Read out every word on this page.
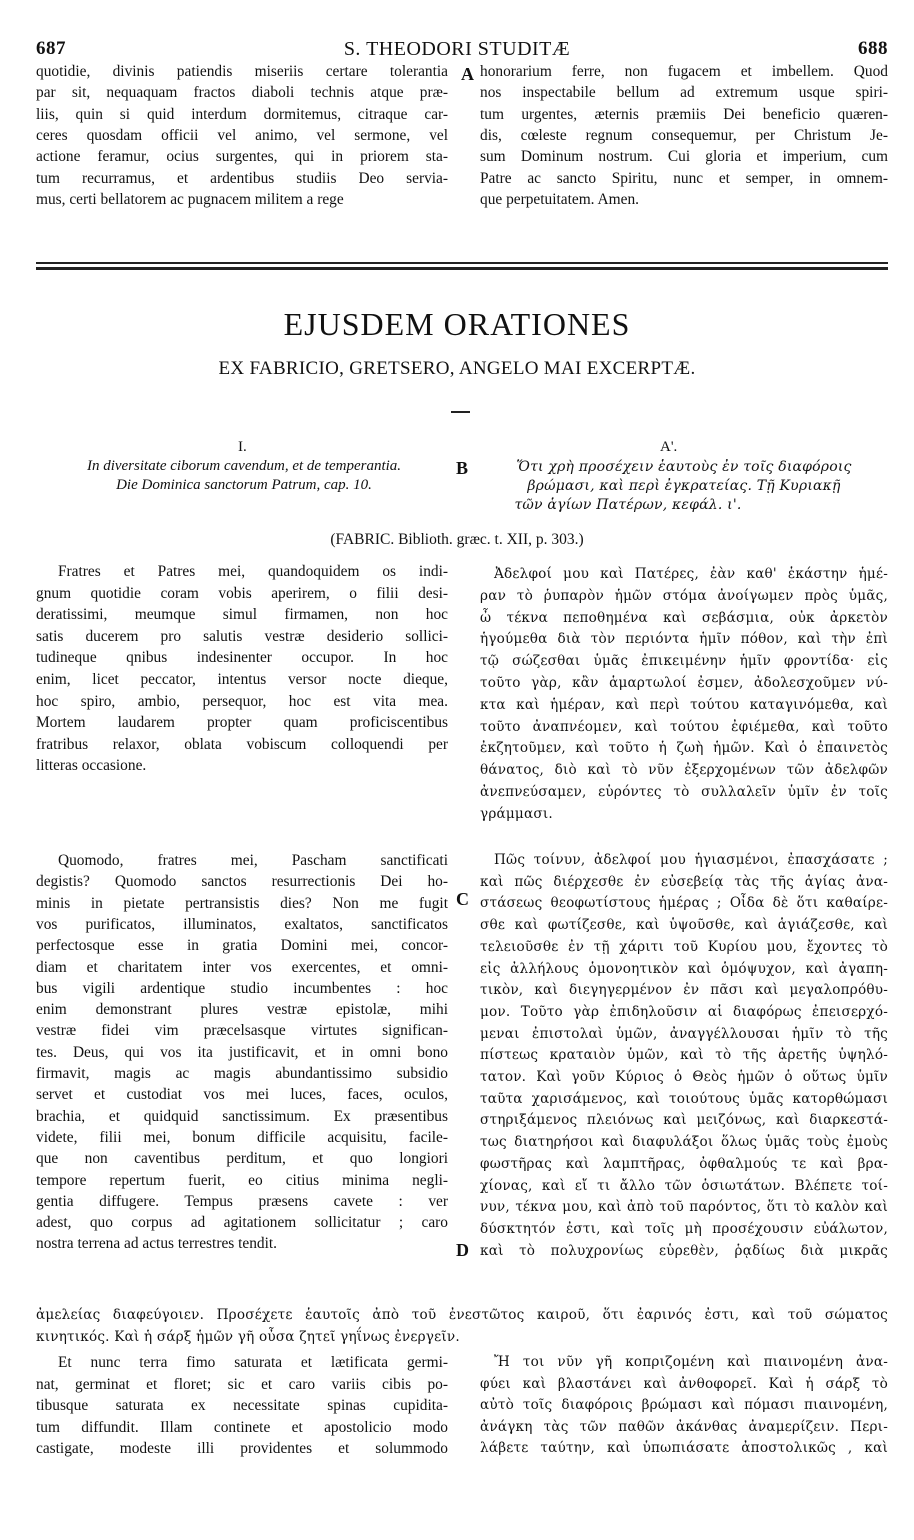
687	S. THEODORI STUDITÆ	688
quotidie, divinis patiendis miseriis certare tolerantia
par sit, nequaquam fractos diaboli technis atque præ-
liis, quin si quid interdum dormitemus, citraque car-
ceres quosdam officii vel animo, vel sermone, vel
actione feramur, ocius surgentes, qui in priorem sta-
tum recurramus, et ardentibus studiis Deo servia-
mus, certi bellatorem ac pugnacem militem a rege
honorarium ferre, non fugacem et imbellem. Quod
nos inspectabile bellum ad extremum usque spiri-
tum urgentes, æternis præmiis Dei beneficio quæren-
dis, cœleste regnum consequemur, per Christum Je-
sum Dominum nostrum. Cui gloria et imperium, cum
Patre ac sancto Spiritu, nunc et semper, in omnem-
que perpetuitatem. Amen.
A
EJUSDEM ORATIONES
EX FABRICIO, GRETSERO, ANGELO MAI EXCERPTÆ.
I.
In diversitate ciborum cavendum, et de temperantia.
Die Dominica sanctorum Patrum, cap. 10.
B
Α'.
Ὅτι χρὴ προσέχειν ἑαυτοὺς ἐν τοῖς διαφόροις
βρώμασι, καὶ περὶ ἐγκρατείας. Τῇ Κυριακῇ
τῶν ἁγίων Πατέρων, κεφάλ. ι'.
(FABRIC. Biblioth. græc. t. XII, p. 303.)
Fratres et Patres mei, quandoquidem os indi-
gnum quotidie coram vobis aperirem, o filii desi-
deratissimi, meumque simul firmamen, non hoc
satis ducerem pro salutis vestræ desiderio sollici-
tudineque qnibus indesinenter occupor. In hoc
enim, licet peccator, intentus versor nocte dieque,
hoc spiro, ambio, persequor, hoc est vita mea.
Mortem laudarem propter quam proficiscentibus
fratribus relaxor, oblata vobiscum colloquendi per
litteras occasione.
Ἀδελφοί μου καὶ Πατέρες, ἐὰν καθ' ἑκάστην ἡμέ-
ραν τὸ ῥυπαρὸν ἡμῶν στόμα ἀνοίγωμεν πρὸς ὑμᾶς,
ὦ τέκνα πεποθημένα καὶ σεβάσμια, οὐκ ἀρκετὸν
ἡγούμεθα διὰ τὸν περιόντα ἡμῖν πόθον, καὶ τὴν ἐπὶ
τῷ σώζεσθαι ὑμᾶς ἐπικειμένην ἡμῖν φροντίδα· εἰς
τοῦτο γὰρ, κἂν ἁμαρτωλοί ἐσμεν, ἀδολεσχοῦμεν νύ-
κτα καὶ ἡμέραν, καὶ περὶ τούτου καταγινόμεθα, καὶ
τοῦτο ἀναπνέομεν, καὶ τούτου ἐφιέμεθα, καὶ τοῦτο
ἐκζητοῦμεν, καὶ τοῦτο ἡ ζωὴ ἡμῶν. Καὶ ὁ ἐπαινετὸς
θάνατος, διὸ καὶ τὸ νῦν ἐξερχομένων τῶν ἀδελφῶν
ἀνεπνεύσαμεν, εὑρόντες τὸ συλλαλεῖν ὑμῖν ἐν τοῖς
γράμμασι.
Quomodo, fratres mei, Pascham sanctificati
degistis? Quomodo sanctos resurrectionis Dei ho-
minis in pietate pertransistis dies? Non me fugit
vos purificatos, illuminatos, exaltatos, sanctificatos
perfectosque esse in gratia Domini mei, concor-
diam et charitatem inter vos exercentes, et omni-
bus vigili ardentique studio incumbentes : hoc
enim demonstrant plures vestræ epistolæ, mihi
vestræ fidei vim præcelsasque virtutes significan-
tes. Deus, qui vos ita justificavit, et in omni bono
firmavit, magis ac magis abundantissimo subsidio
servet et custodiat vos mei luces, faces, oculos,
brachia, et quidquid sanctissimum. Ex præsentibus
videte, filii mei, bonum difficile acquisitu, facile-
que non caventibus perditum, et quo longiori
tempore repertum fuerit, eo citius minima negli-
gentia diffugere. Tempus præsens cavete : ver
adest, quo corpus ad agitationem sollicitatur ; caro
nostra terrena ad actus terrestres tendit.
Πῶς τοίνυν, ἀδελφοί μου ἡγιασμένοι, ἐπασχάσατε ;
καὶ πῶς διέρχεσθε ἐν εὐσεβείᾳ τὰς τῆς ἁγίας ἀνα-
στάσεως θεοφωτίστους ἡμέρας ; Οἶδα δὲ ὅτι καθαίρε-
σθε καὶ φωτίζεσθε, καὶ ὑψοῦσθε, καὶ ἁγιάζεσθε, καὶ
τελειοῦσθε ἐν τῇ χάριτι τοῦ Κυρίου μου, ἔχοντες τὸ
εἰς ἀλλήλους ὁμονοητικὸν καὶ ὁμόψυχον, καὶ ἀγαπη-
τικὸν, καὶ διεγηγερμένον ἐν πᾶσι καὶ μεγαλοπρόθυ-
μον. Τοῦτο γὰρ ἐπιδηλοῦσιν αἱ διαφόρως ἐπεισερχό-
μεναι ἐπιστολαὶ ὑμῶν, ἀναγγέλλουσαι ἡμῖν τὸ τῆς
πίστεως κραταιὸν ὑμῶν, καὶ τὸ τῆς ἀρετῆς ὑψηλό-
τατον. Καὶ γοῦν Κύριος ὁ Θεὸς ἡμῶν ὁ οὕτως ὑμῖν
ταῦτα χαρισάμενος, καὶ τοιούτους ὑμᾶς κατορθώμασι
στηριξάμενος πλειόνως καὶ μειζόνως, καὶ διαρκεστά-
τως διατηρήσοι καὶ διαφυλάξοι ὅλως ὑμᾶς τοὺς ἐμοὺς
φωστῆρας καὶ λαμπτῆρας, ὀφθαλμούς τε καὶ βρα-
χίονας, καὶ εἴ τι ἄλλο τῶν ὁσιωτάτων. Βλέπετε τοί-
νυν, τέκνα μου, καὶ ἀπὸ τοῦ παρόντος, ὅτι τὸ καλὸν καὶ
δύσκτητόν ἐστι, καὶ τοῖς μὴ προσέχουσιν εὐάλωτον,
καὶ τὸ πολυχρονίως εὑρεθὲν, ῥᾳδίως διὰ μικρᾶς
C
D
ἀμελείας διαφεύγοιεν. Προσέχετε ἑαυτοῖς ἀπὸ τοῦ ἐνεστῶτος καιροῦ, ὅτι ἐαρινός ἐστι, καὶ τοῦ σώματος
κινητικός. Καὶ ἡ σάρξ ἡμῶν γῆ οὖσα ζητεῖ γηΐνως ἐνεργεῖν.
Et nunc terra fimo saturata et lætificata germi-
nat, germinat et floret; sic et caro variis cibis po-
tibusque saturata ex necessitate spinas cupidita-
tum diffundit. Illam continete et apostolicio modo
castigate, modeste illi providentes et solummodo
Ἤ τοι νῦν γῆ κοπριζομένη καὶ πιαινομένη ἀνα-
φύει καὶ βλαστάνει καὶ ἀνθοφορεῖ. Καὶ ἡ σάρξ τὸ
αὐτὸ τοῖς διαφόροις βρώμασι καὶ πόμασι πιαινομένη,
ἀνάγκη τὰς τῶν παθῶν ἀκάνθας ἀναμερίζειν. Περι-
λάβετε ταύτην, καὶ ὑπωπιάσατε ἀποστολικῶς , καὶ
